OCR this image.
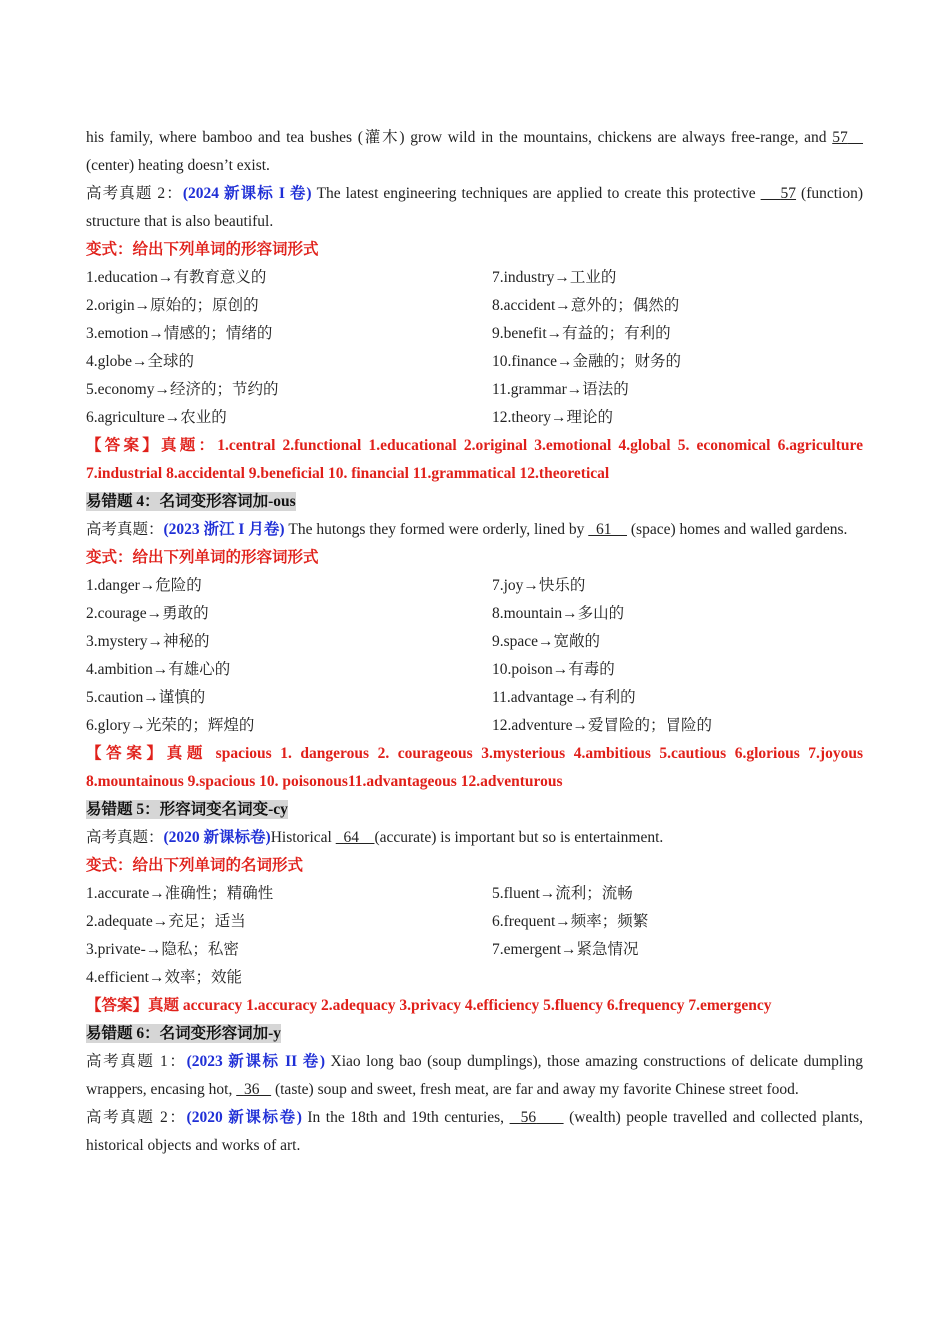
his family, where bamboo and tea bushes (灌木) grow wild in the mountains, chickens are always free-range, and 57    (center) heating doesn’t exist.

高考真题 2：(2024 新课标 I 卷) The latest engineering techniques are applied to create this protective     57 (function) structure that is also beautiful.

变式：给出下列单词的形容词形式

1.education→有教育意义的	7.industry→工业的
2.origin→原始的；原创的	8.accident→意外的；偶然的
3.emotion→情感的；情绪的	9.benefit→有益的；有利的
4.globe→全球的	10.finance→金融的；财务的
5.economy→经济的；节约的	11.grammar→语法的
6.agriculture→农业的	12.theory→理论的

【答案】真题：1.central 2.functional 1.educational 2.original 3.emotional 4.global 5. economical 6.agriculture 7.industrial 8.accidental 9.beneficial 10. financial 11.grammatical 12.theoretical

易错题 4：名词变形容词加-ous

高考真题：(2023 浙江 I 月卷) The hutongs they formed were orderly, lined by   61     (space) homes and walled gardens.

变式：给出下列单词的形容词形式

1.danger→危险的	7.joy→快乐的
2.courage→勇敢的	8.mountain→多山的
3.mystery→神秘的	9.space→宽敞的
4.ambition→有雄心的	10.poison→有毒的
5.caution→谨慎的	11.advantage→有利的
6.glory→光荣的；辉煌的	12.adventure→爱冒险的；冒险的

【答案】真题 spacious 1. dangerous 2. courageous 3.mysterious 4.ambitious 5.cautious 6.glorious 7.joyous 8.mountainous 9.spacious 10. poisonous11.advantageous 12.adventurous

易错题 5：形容词变名词变-cy

高考真题：(2020 新课标卷)Historical   64 (accurate) is important but so is entertainment.

变式：给出下列单词的名词形式

1.accurate→准确性；精确性	5.fluent→流利；流畅
2.adequate→充足；适当	6.frequent→频率；频繁
3.private-→隐私；私密	7.emergent→紧急情况
4.efficient→效率；效能

【答案】真题 accuracy 1.accuracy 2.adequacy 3.privacy 4.efficiency 5.fluency 6.frequency 7.emergency

易错题 6：名词变形容词加-y

高考真题 1：(2023 新课标 II 卷) Xiao long bao (soup dumplings), those amazing constructions of delicate dumpling wrappers, encasing hot,   36    (taste) soup and sweet, fresh meat, are far and away my favorite Chinese street food.

高考真题 2：(2020 新课标卷) In the 18th and 19th centuries,   56      (wealth) people travelled and collected plants, historical objects and works of art.
